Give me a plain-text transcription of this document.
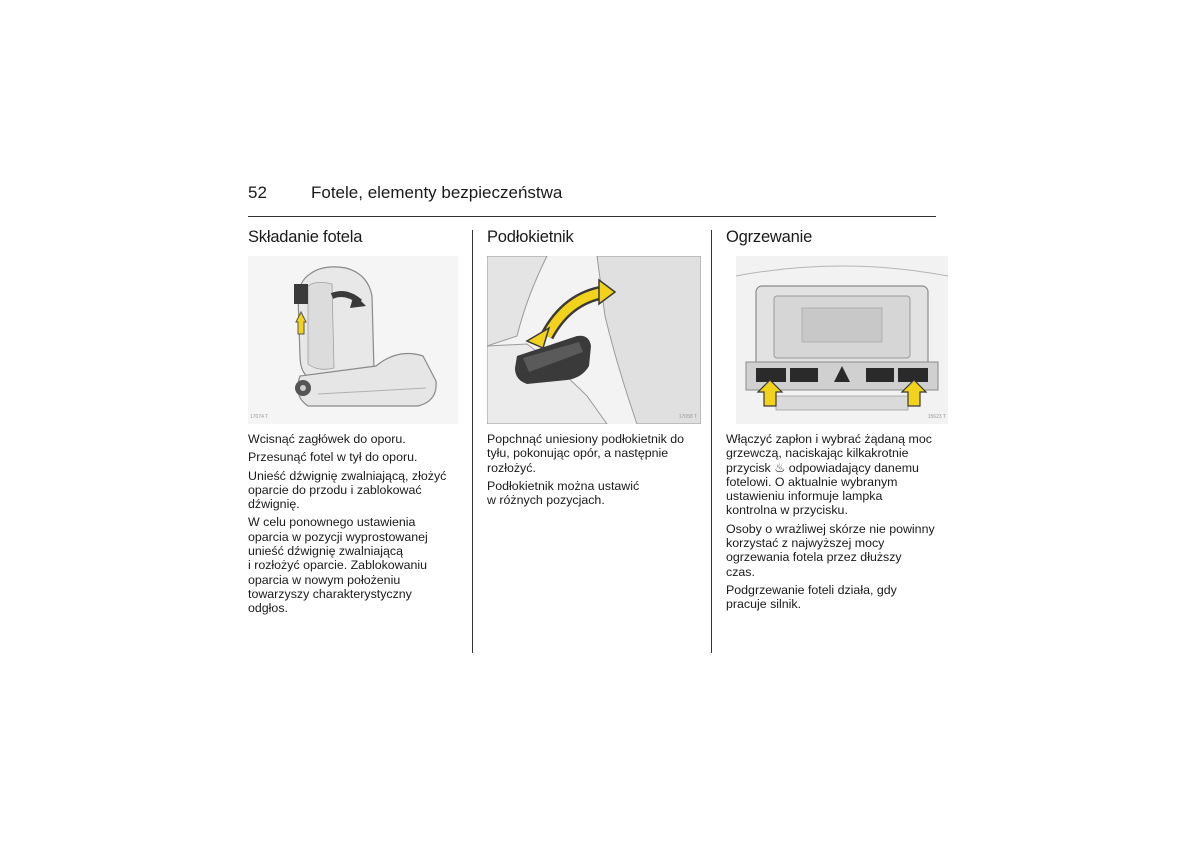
52	Fotele, elementy bezpieczeństwa
Składanie fotela
17074 T

Wcisnąć zagłówek do oporu.

Przesunąć fotel w tył do oporu.

Unieść dźwignię zwalniającą, złożyć
oparcie do przodu i zablokować
dźwignię.

W celu ponownego ustawienia
oparcia w pozycji wyprostowanej
unieść dźwignię zwalniającą
i rozłożyć oparcie. Zablokowaniu
oparcia w nowym położeniu
towarzyszy charakterystyczny
odgłos.

Podłokietnik
17058 T

Popchnąć uniesiony podłokietnik do
tyłu, pokonując opór, a następnie
rozłożyć.

Podłokietnik można ustawić
w różnych pozycjach.

Ogrzewanie
15623 T

Włączyć zapłon i wybrać żądaną moc
grzewczą, naciskając kilkakrotnie
przycisk ♨ odpowiadający danemu
fotelowi. O aktualnie wybranym
ustawieniu informuje lampka
kontrolna w przycisku.

Osoby o wrażliwej skórze nie powinny
korzystać z najwyższej mocy
ogrzewania fotela przez dłuższy
czas.

Podgrzewanie foteli działa, gdy
pracuje silnik.
